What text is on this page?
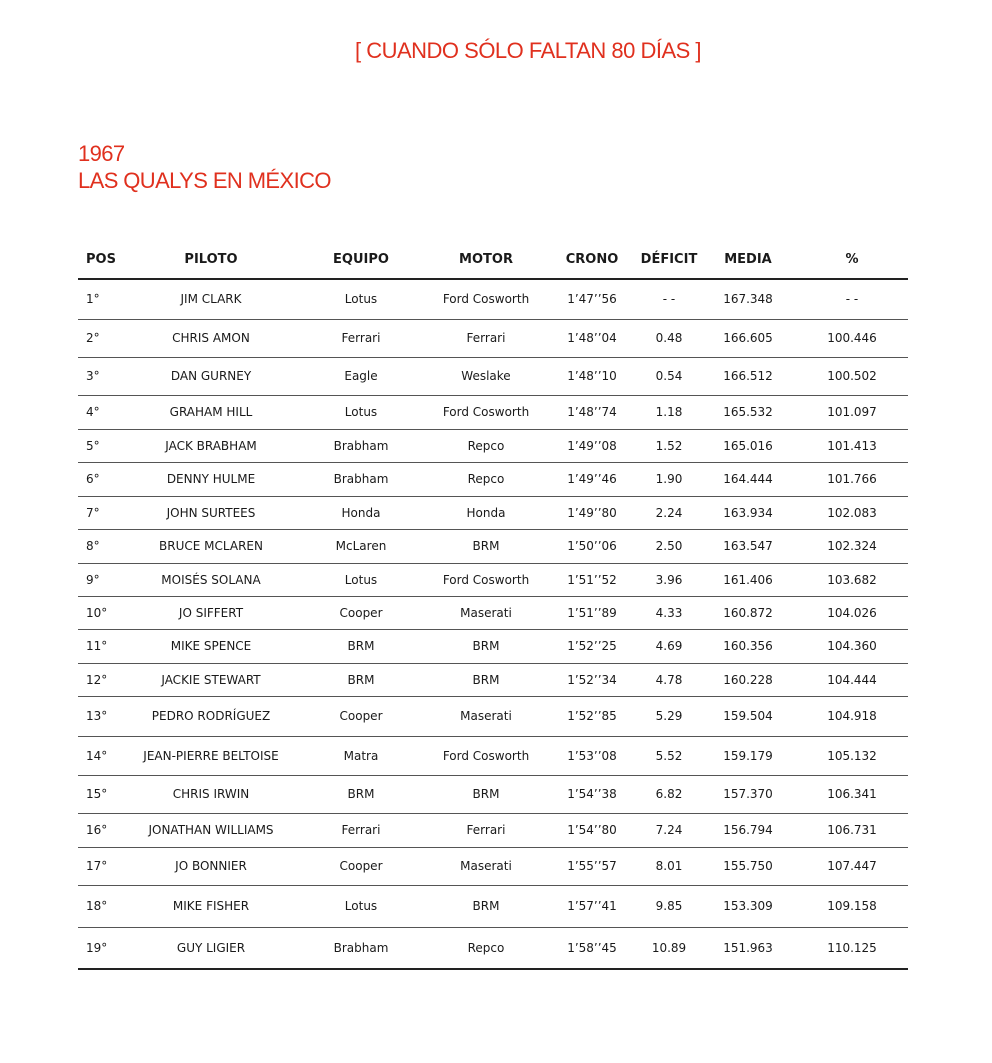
[ CUANDO SÓLO FALTAN 80 DÍAS ]
1967
LAS QUALYS EN MÉXICO
POS	PILOTO	EQUIPO	MOTOR	CRONO	DÉFICIT	MEDIA	%
1°	JIM CLARK	Lotus	Ford Cosworth	1’47’’56	- -	167.348	- -
2°	CHRIS AMON	Ferrari	Ferrari	1’48’’04	0.48	166.605	100.446
3°	DAN GURNEY	Eagle	Weslake	1’48’’10	0.54	166.512	100.502
4°	GRAHAM HILL	Lotus	Ford Cosworth	1’48’’74	1.18	165.532	101.097
5°	JACK BRABHAM	Brabham	Repco	1’49’’08	1.52	165.016	101.413
6°	DENNY HULME	Brabham	Repco	1’49’’46	1.90	164.444	101.766
7°	JOHN SURTEES	Honda	Honda	1’49’’80	2.24	163.934	102.083
8°	BRUCE MCLAREN	McLaren	BRM	1’50’’06	2.50	163.547	102.324
9°	MOISÉS SOLANA	Lotus	Ford Cosworth	1’51’’52	3.96	161.406	103.682
10°	JO SIFFERT	Cooper	Maserati	1’51’’89	4.33	160.872	104.026
11°	MIKE SPENCE	BRM	BRM	1’52’’25	4.69	160.356	104.360
12°	JACKIE STEWART	BRM	BRM	1’52’’34	4.78	160.228	104.444
13°	PEDRO RODRÍGUEZ	Cooper	Maserati	1’52’’85	5.29	159.504	104.918
14°	JEAN-PIERRE BELTOISE	Matra	Ford Cosworth	1’53’’08	5.52	159.179	105.132
15°	CHRIS IRWIN	BRM	BRM	1’54’’38	6.82	157.370	106.341
16°	JONATHAN WILLIAMS	Ferrari	Ferrari	1’54’’80	7.24	156.794	106.731
17°	JO BONNIER	Cooper	Maserati	1’55’’57	8.01	155.750	107.447
18°	MIKE FISHER	Lotus	BRM	1’57’’41	9.85	153.309	109.158
19°	GUY LIGIER	Brabham	Repco	1’58’’45	10.89	151.963	110.125
